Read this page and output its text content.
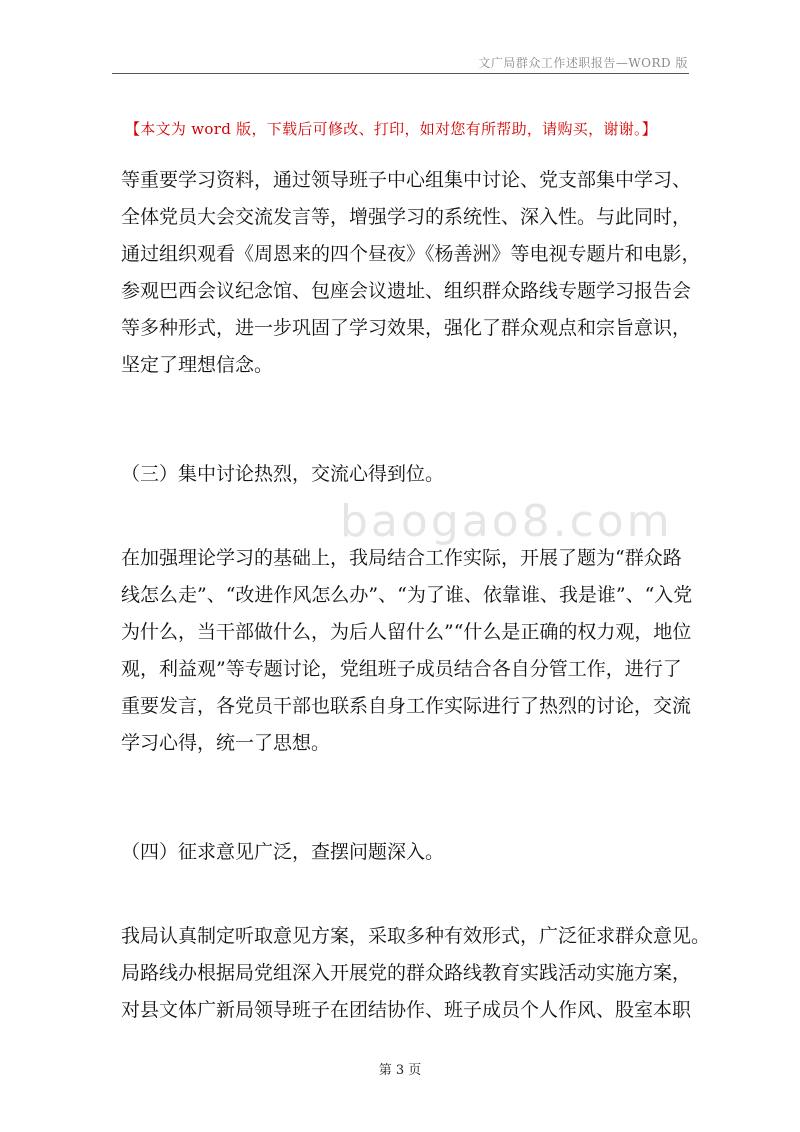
文广局群众工作述职报告—WORD 版
【本文为 word 版，下载后可修改、打印，如对您有所帮助，请购买，谢谢。】
baogao8.com
等重要学习资料，通过领导班子中心组集中讨论、党支部集中学习、
全体党员大会交流发言等，增强学习的系统性、深入性。与此同时，
通过组织观看《周恩来的四个昼夜》《杨善洲》等电视专题片和电影，
参观巴西会议纪念馆、包座会议遗址、组织群众路线专题学习报告会
等多种形式，进一步巩固了学习效果，强化了群众观点和宗旨意识，
坚定了理想信念。
（三）集中讨论热烈，交流心得到位。
在加强理论学习的基础上，我局结合工作实际，开展了题为“群众路
线怎么走”、“改进作风怎么办”、“为了谁、依靠谁、我是谁”、“入党
为什么，当干部做什么，为后人留什么”“什么是正确的权力观，地位
观，利益观”等专题讨论，党组班子成员结合各自分管工作，进行了
重要发言，各党员干部也联系自身工作实际进行了热烈的讨论，交流
学习心得，统一了思想。
（四）征求意见广泛，查摆问题深入。
我局认真制定听取意见方案，采取多种有效形式，广泛征求群众意见。
局路线办根据局党组深入开展党的群众路线教育实践活动实施方案，
对县文体广新局领导班子在团结协作、班子成员个人作风、股室本职
第 3 页
